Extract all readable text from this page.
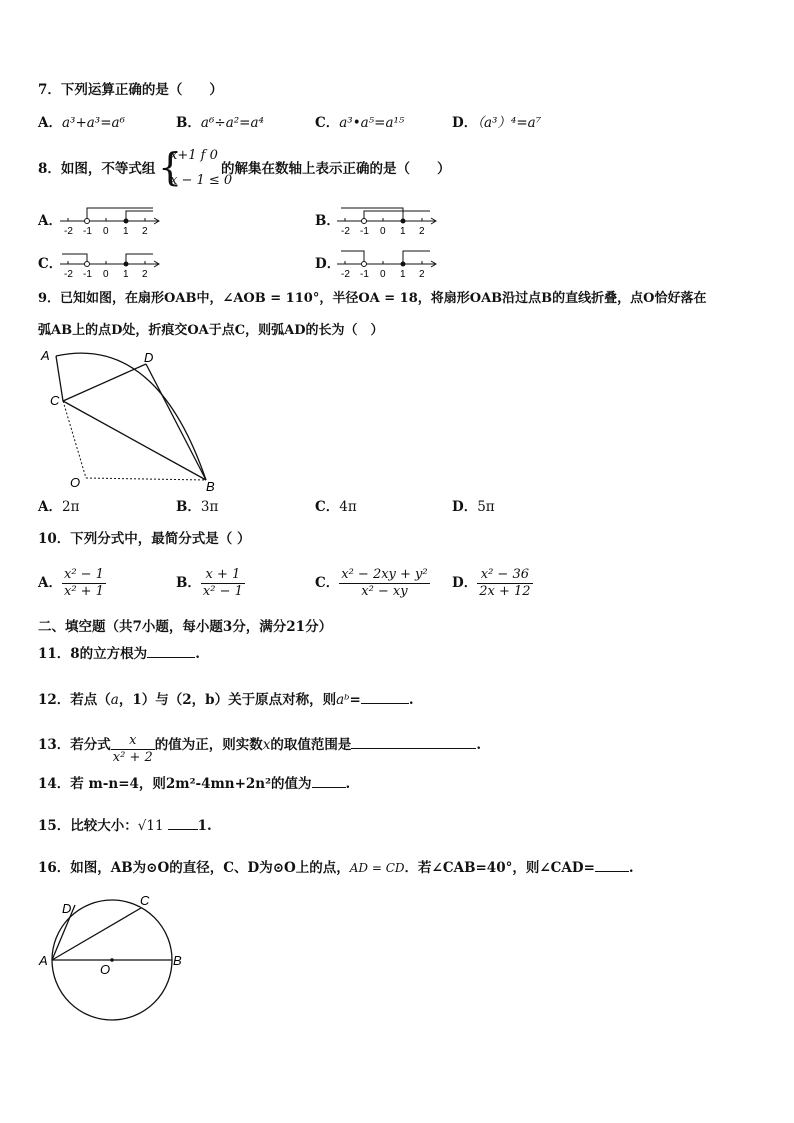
7．下列运算正确的是（　　）
A．a³+a³=a⁶	B．a⁶÷a²=a⁴	C．a³•a⁵=a¹⁵	D．（a³）⁴=a⁷
8．如图，不等式组 {
x+1 f 0
x − 1 ≤ 0
的解集在数轴上表示正确的是（　　）
A．	B．
C．	D．
-2 -1 0 1 2	-2 -1 0 1 2
-2 -1 0 1 2	-2 -1 0 1 2
9．已知如图，在扇形OAB中，∠AOB = 110°，半径OA = 18，将扇形OAB沿过点B的直线折叠，点O恰好落在
弧AB上的点D处，折痕交OA于点C，则弧AD的长为（　）
A	D
C
O	B
A．2π	B．3π	C．4π	D．5π
10．下列分式中，最简分式是（ ）
A． $\frac{\text{x² − 1}}{\text{x² + 1}}$	B． $\frac{x + 1}{\text{x² − 1}}$	C． $\frac{\text{x² − 2xy + y²}}{\text{x² − xy}}$ D． $\frac{\text{x² − 36}}{2x + 12}$
二、填空题（共7小题，每小题3分，满分21分）
11．8的立方根为	.
12．若点（a，1）与（2，b）关于原点对称，则aᵇ=	.
13．若分式 $\frac{x}{\text{x² + 2}}$ 的值为正，则实数x的取值范围是	.
14．若 m-n=4，则2m²-4mn+2n²的值为	.
15．比较大小：√11	1.
16．如图，AB为⊙O的直径，C、D为⊙O上的点，AD = CD．若∠CAB=40°，则∠CAD=	.
A	B
C
D
O
